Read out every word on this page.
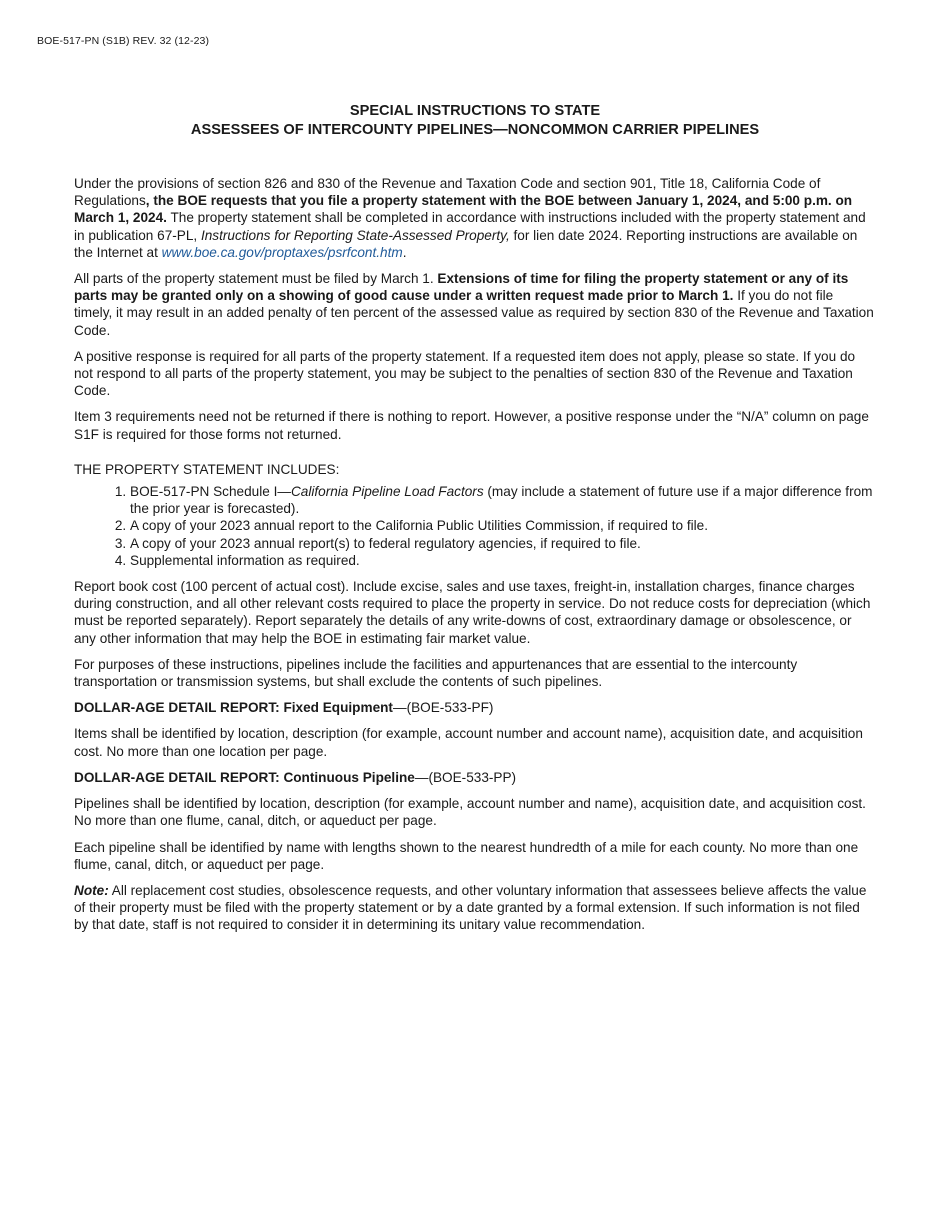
BOE-517-PN (S1B) REV. 32 (12-23)
SPECIAL INSTRUCTIONS TO STATE
ASSESSEES OF INTERCOUNTY PIPELINES—NONCOMMON CARRIER PIPELINES

Under the provisions of section 826 and 830 of the Revenue and Taxation Code and section 901, Title 18, California Code of Regulations, the BOE requests that you file a property statement with the BOE between January 1, 2024, and 5:00 p.m. on March 1, 2024. The property statement shall be completed in accordance with instructions included with the property statement and in publication 67-PL, Instructions for Reporting State-Assessed Property, for lien date 2024. Reporting instructions are available on the Internet at www.boe.ca.gov/proptaxes/psrfcont.htm.

All parts of the property statement must be filed by March 1. Extensions of time for filing the property statement or any of its parts may be granted only on a showing of good cause under a written request made prior to March 1. If you do not file timely, it may result in an added penalty of ten percent of the assessed value as required by section 830 of the Revenue and Taxation Code.

A positive response is required for all parts of the property statement. If a requested item does not apply, please so state. If you do not respond to all parts of the property statement, you may be subject to the penalties of section 830 of the Revenue and Taxation Code.

Item 3 requirements need not be returned if there is nothing to report. However, a positive response under the “N/A” column on page S1F is required for those forms not returned.

THE PROPERTY STATEMENT INCLUDES:
1. BOE-517-PN Schedule I—California Pipeline Load Factors (may include a statement of future use if a major difference from the prior year is forecasted).
2. A copy of your 2023 annual report to the California Public Utilities Commission, if required to file.
3. A copy of your 2023 annual report(s) to federal regulatory agencies, if required to file.
4. Supplemental information as required.

Report book cost (100 percent of actual cost). Include excise, sales and use taxes, freight-in, installation charges, finance charges during construction, and all other relevant costs required to place the property in service. Do not reduce costs for depreciation (which must be reported separately). Report separately the details of any write-downs of cost, extraordinary damage or obsolescence, or any other information that may help the BOE in estimating fair market value.

For purposes of these instructions, pipelines include the facilities and appurtenances that are essential to the intercounty transportation or transmission systems, but shall exclude the contents of such pipelines.

DOLLAR-AGE DETAIL REPORT: Fixed Equipment—(BOE-533-PF)

Items shall be identified by location, description (for example, account number and account name), acquisition date, and acquisition cost. No more than one location per page.

DOLLAR-AGE DETAIL REPORT: Continuous Pipeline—(BOE-533-PP)

Pipelines shall be identified by location, description (for example, account number and name), acquisition date, and acquisition cost. No more than one flume, canal, ditch, or aqueduct per page.

Each pipeline shall be identified by name with lengths shown to the nearest hundredth of a mile for each county. No more than one flume, canal, ditch, or aqueduct per page.

Note: All replacement cost studies, obsolescence requests, and other voluntary information that assessees believe affects the value of their property must be filed with the property statement or by a date granted by a formal extension. If such information is not filed by that date, staff is not required to consider it in determining its unitary value recommendation.
